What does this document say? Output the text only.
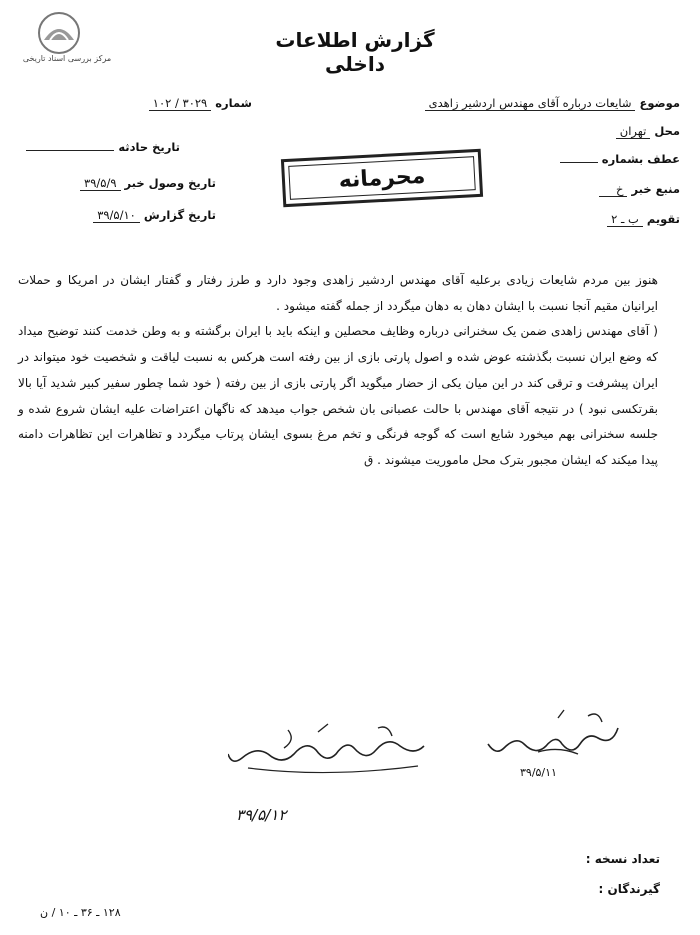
مرکز بررسی اسناد تاریخی
گزارش اطلاعات داخلی
شماره ۳۰۲۹ / ۱۰۲
تاریخ حادثه
تاریخ وصول خبر ۳۹/۵/۹
تاریخ گزارش ۳۹/۵/۱۰
موضوع شایعات درباره آقای مهندس اردشیر زاهدی
محل تهران
عطف بشماره
منبع خبر خ
تقویم ب ـ ۲
محرمانه
هنوز بین مردم شایعات زیادی برعلیه آقای مهندس اردشیر زاهدی وجود دارد و طرز رفتار و گفتار ایشان در امریکا و حملات ایرانیان مقیم آنجا نسبت با ایشان دهان به دهان میگردد از جمله گفته میشود .
( آقای مهندس زاهدی ضمن یک سخنرانی درباره وظایف محصلین و اینکه باید با ایران برگشته و به وطن خدمت کنند توضیح میداد که وضع ایران نسبت بگذشته عوض شده و اصول پارتی بازی از بین رفته است هرکس به نسبت لیاقت و شخصیت خود میتواند در ایران پیشرفت و ترقی کند در این میان یکی از حضار میگوید اگر پارتی بازی از بین رفته ( خود شما چطور سفیر کبیر شدید آیا بالا بقرتکسی نبود ) در نتیجه آقای مهندس با حالت عصبانی بان شخص جواب میدهد که ناگهان اعتراضات علیه ایشان شروع شده و جلسه سخنرانی بهم میخورد شایع است که گوجه فرنگی و تخم مرغ بسوی ایشان پرتاب میگردد و تظاهرات این تظاهرات دامنه پیدا میکند که ایشان مجبور بترک محل ماموریت میشوند . ق
۳۹/۵/۱۱
۳۹/۵/۱۲
تعداد نسخه :
گیرندگان :
۱۲۸ ـ ۳۶ ـ ۱۰ / ن
